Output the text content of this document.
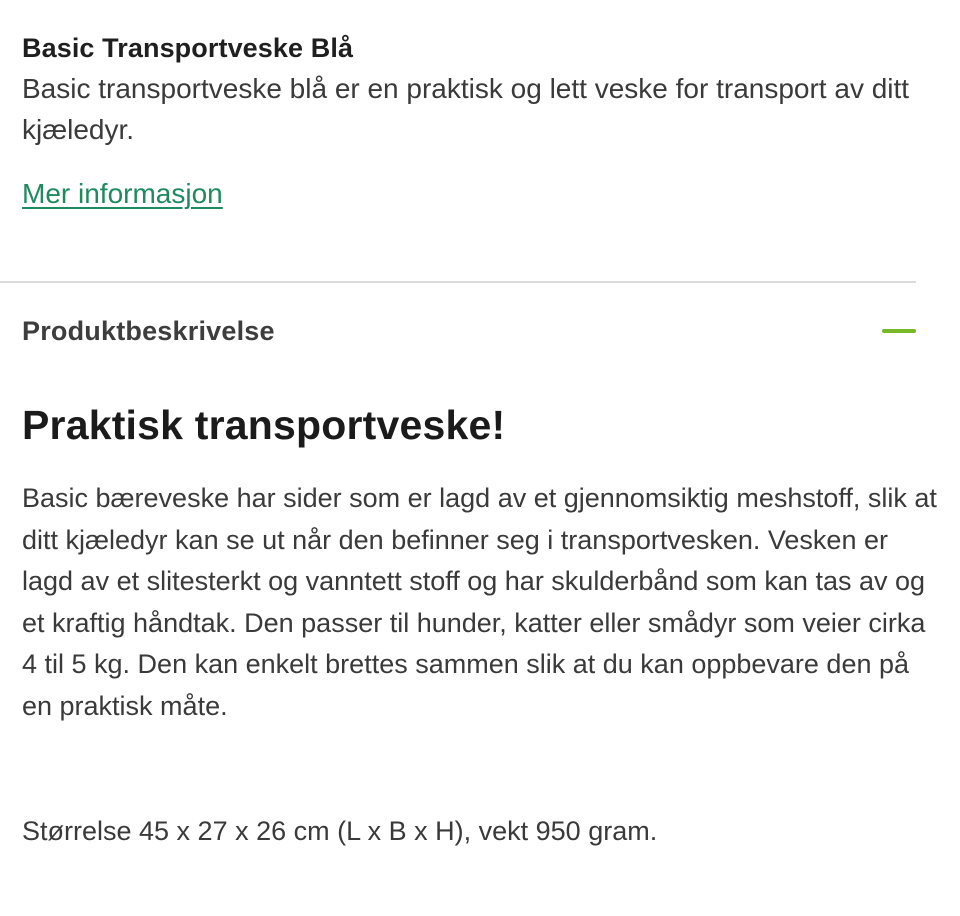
Basic Transportveske Blå

Basic transportveske blå er en praktisk og lett veske for transport av ditt kjæledyr.

Mer informasjon
Produktbeskrivelse
Praktisk transportveske!

Basic bæreveske har sider som er lagd av et gjennomsiktig meshstoff, slik at ditt kjæledyr kan se ut når den befinner seg i transportvesken. Vesken er lagd av et slitesterkt og vanntett stoff og har skulderbånd som kan tas av og et kraftig håndtak. Den passer til hunder, katter eller smådyr som veier cirka 4 til 5 kg. Den kan enkelt brettes sammen slik at du kan oppbevare den på en praktisk måte.

Størrelse 45 x 27 x 26 cm (L x B x H), vekt 950 gram.
